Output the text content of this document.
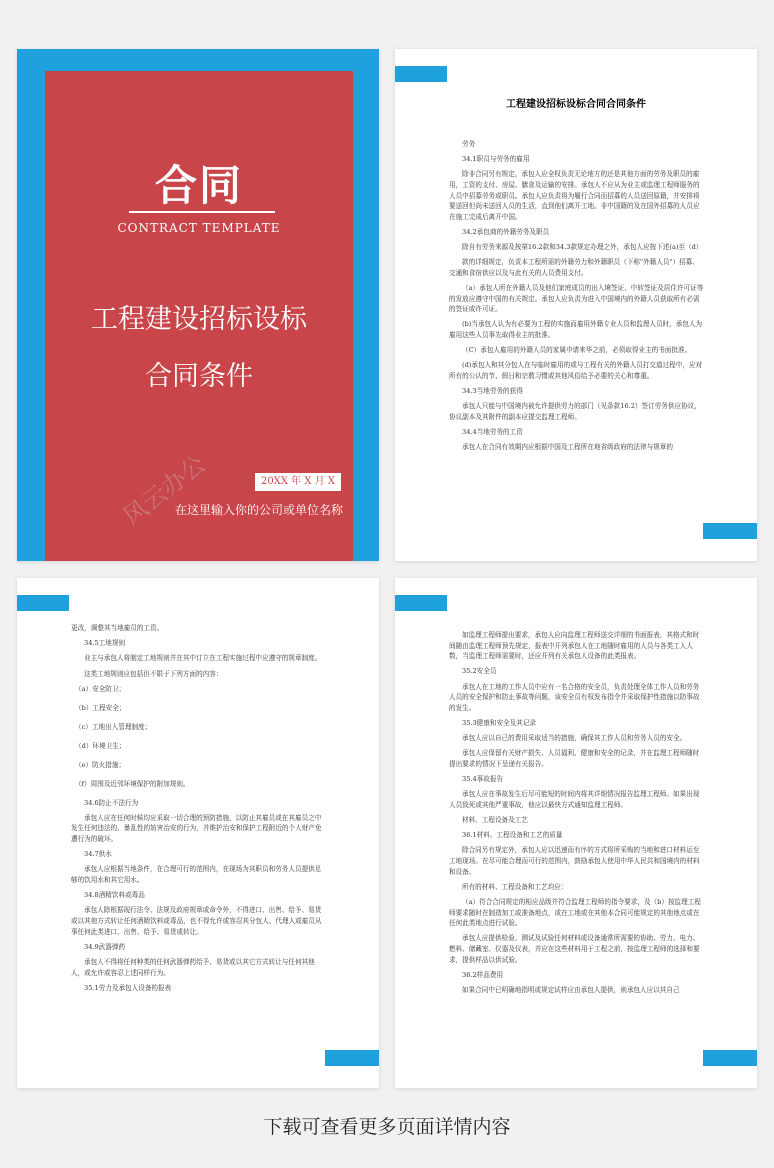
合同
CONTRACT TEMPLATE
工程建设招标设标
合同条件
风云办公	20XX 年 X 月 X 日
在这里输入你的公司或单位名称
工程建设招标设标合同合同条件

劳务

34.1职员与劳务的雇用

除非合同另有规定，承包人应全权负责无论地方的还是其他方面的劳务及职员的雇用，工资的支付、房屋、膳食及运输的安排。承包人不应从为业主或监理工程师服务的人员中招募劳务或职员。承包人应负责将为履行合同而招募的人员送回原籍，并安排将要送回但尚未送回人员的生活，直到他们离开工地。非中国籍的及在国外招募的人员应在施工完成后离开中国。

34.2承包商的外籍劳务及职员

除自有劳务来源及按第16.2款和34.3款规定办理之外，承包人应按下述(a)至（d）

款的详细规定，负责本工程所需的外籍劳力和外籍职员（下称"外籍人员"）招募、交通和食宿供应以及与此有关的人员费用支付。

（a）承包人所在外籍人员及他们家庭成员的出入境签证、中转签证及居住许可证等的发放应遵守中国的有关规定。承包人应负责为进入中国境内的外籍人员获取所有必需的签证或许可证。

(b)当承包人认为有必要为工程的实施而雇用外籍专业人员和监理人员时，承包人为雇用这些人员事先取得业主的批准。

（C）承包人雇用的外籍人员的家属申请来华之前，必须取得业主的书面批准。

(d)承包人和其分包人在与临时雇用的或与工程有关的外籍人员打交道过程中，应对所有的公认的节、假日和宗教习惯或其他风俗给予必要的关心和尊重。

34.3当地劳务的获得

承包人只能与中国境内被允许提供劳力的部门（见条款16.2）签订劳务供应协议，协议副本及其附件的副本应提交监理工程师。

34.4当地劳务的工资

承包人在合同有效期内应根据中国及工程所在地省级政府的法律与规章的

更改，调整其当地雇员的工资。

34.5工地规则

业主与承包人将制定工地规则并在其中订立在工程实施过程中应遵守的规章制度。

这类工地规则应包括但不限于下列方面的内容：

（a）安全防卫；

（b）工程安全；

（c）工地出入管理制度；

（d）环境卫生；

（e）防火措施；

（f）周围及近邻环境保护的附加规则。

34.6防止不法行为

承包人应在任何时候均应采取一切合理的预防措施，以防止其雇员或在其雇员之中发生任何违法的、暴乱性的妨害治安的行为，并维护治安和保护工程附近的个人财产免遭行为的破坏。

34.7供水

承包人应根据当地条件，在合理可行的范围内，在现场为其职员和劳务人员提供足够的饮用水和其它用水。

34.8酒精饮料或毒品

承包人除根据现行法令、法规及政府规章或命令外，不得进口、出售、给予、易货或以其他方式转让任何酒精饮料或毒品，也不得允许或容忍其分包人、代理人或雇员从事任何此类进口、出售、给予、易货或转让。

34.9武器弹药

承包人不得将任何种类的任何武器弹药给予、易货或以其它方式转让与任何其他人，或允许或容忍上述同样行为。

35.1劳力及承包人设备的报表

如监理工程师提出要求，承包人应向监理工程师送交详细的书面报表，其格式和时间随由监理工程师预先规定，报表中开列承包人在工地随时雇用的人员与各类工人人数，当监理工程师需要时，还应开列有关承包人设备的此类报表。

35.2安全员

承包人在工地的工作人员中应有一名合格的安全员，负责处理全体工作人员和劳务人员的安全保护和防止事故等问题，该安全员有权发布指令并采取保护性措施以防事故的发生。

35.3健康和安全及其记录

承包人应以自己的费用采取适当的措施，确保其工作人员和劳务人员的安全。

承包人应保留有关财产损失、人员福利、健康和安全的记录，并在监理工程师随时提出要求的情况下呈递有关报告。

35.4事故报告

承包人应在事故发生后尽可能短的时间内将其详细情况报告监理工程师。如果出现人员致死或其他严重事故，他应以最快方式通知监理工程师。

材料、工程设备及工艺

36.1材料、工程设备和工艺的质量

除合同另有规定外，承包人应以迅速而有序的方式将所采购的当地和进口材料运至工地现场。在尽可能合理而可行的范围内，鼓励承包人使用中华人民共和国境内的材料和设备。

所有的材料、工程设备和工艺均应：

（a）符合合同规定的相应品级并符合监理工程师的指令要求，及（b）按监理工程师要求随时在制造加工或准备地点，或在工地或在其他本合同可能规定的其他地点或在任何此类地点进行试验。

承包人应提供检验、测试及试验任何材料或设备通常所需要的协助、劳力、电力、燃料、储藏室、仪器及仪表，并应在这些材料用于工程之前，按监理工程师的选择和要求，提供样品以供试验。

36.2样品费用

如果合同中已明确地指明或规定试样应由承包人提供，则承包人应以其自己

下载可查看更多页面详情内容
